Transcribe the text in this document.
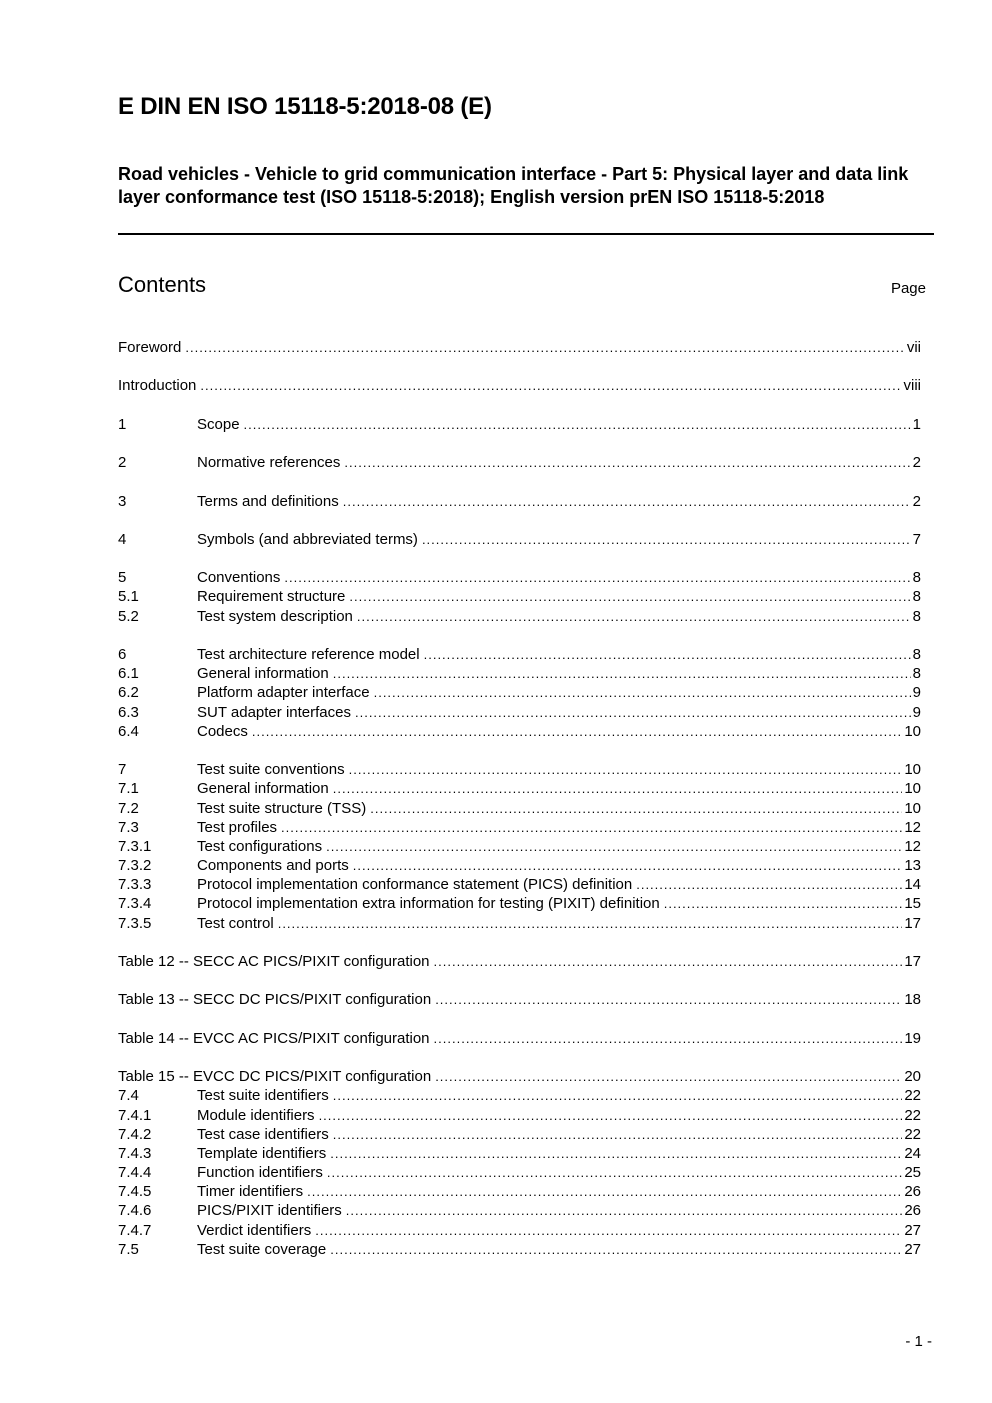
E DIN EN ISO 15118-5:2018-08 (E)
Road vehicles - Vehicle to grid communication interface - Part 5: Physical layer and data link layer conformance test (ISO 15118-5:2018); English version prEN ISO 15118-5:2018
Contents	Page
Foreword .....	vii
Introduction .....	viii
1	Scope .....	1
2	Normative references .....	2
3	Terms and definitions .....	2
4	Symbols (and abbreviated terms) .....	7
5	Conventions .....	8
5.1	Requirement structure .....	8
5.2	Test system description .....	8
6	Test architecture reference model .....	8
6.1	General information .....	8
6.2	Platform adapter interface .....	9
6.3	SUT adapter interfaces .....	9
6.4	Codecs .....	10
7	Test suite conventions .....	10
7.1	General information .....	10
7.2	Test suite structure (TSS) .....	10
7.3	Test profiles .....	12
7.3.1	Test configurations .....	12
7.3.2	Components and ports .....	13
7.3.3	Protocol implementation conformance statement (PICS) definition .....	14
7.3.4	Protocol implementation extra information for testing (PIXIT) definition .....	15
7.3.5	Test control .....	17
Table 12 -- SECC AC PICS/PIXIT configuration .....	17
Table 13 -- SECC DC PICS/PIXIT configuration .....	18
Table 14 -- EVCC AC PICS/PIXIT configuration .....	19
Table 15 -- EVCC DC PICS/PIXIT configuration .....	20
7.4	Test suite identifiers .....	22
7.4.1	Module identifiers .....	22
7.4.2	Test case identifiers .....	22
7.4.3	Template identifiers .....	24
7.4.4	Function identifiers .....	25
7.4.5	Timer identifiers .....	26
7.4.6	PICS/PIXIT identifiers .....	26
7.4.7	Verdict identifiers .....	27
7.5	Test suite coverage .....	27
- 1 -
